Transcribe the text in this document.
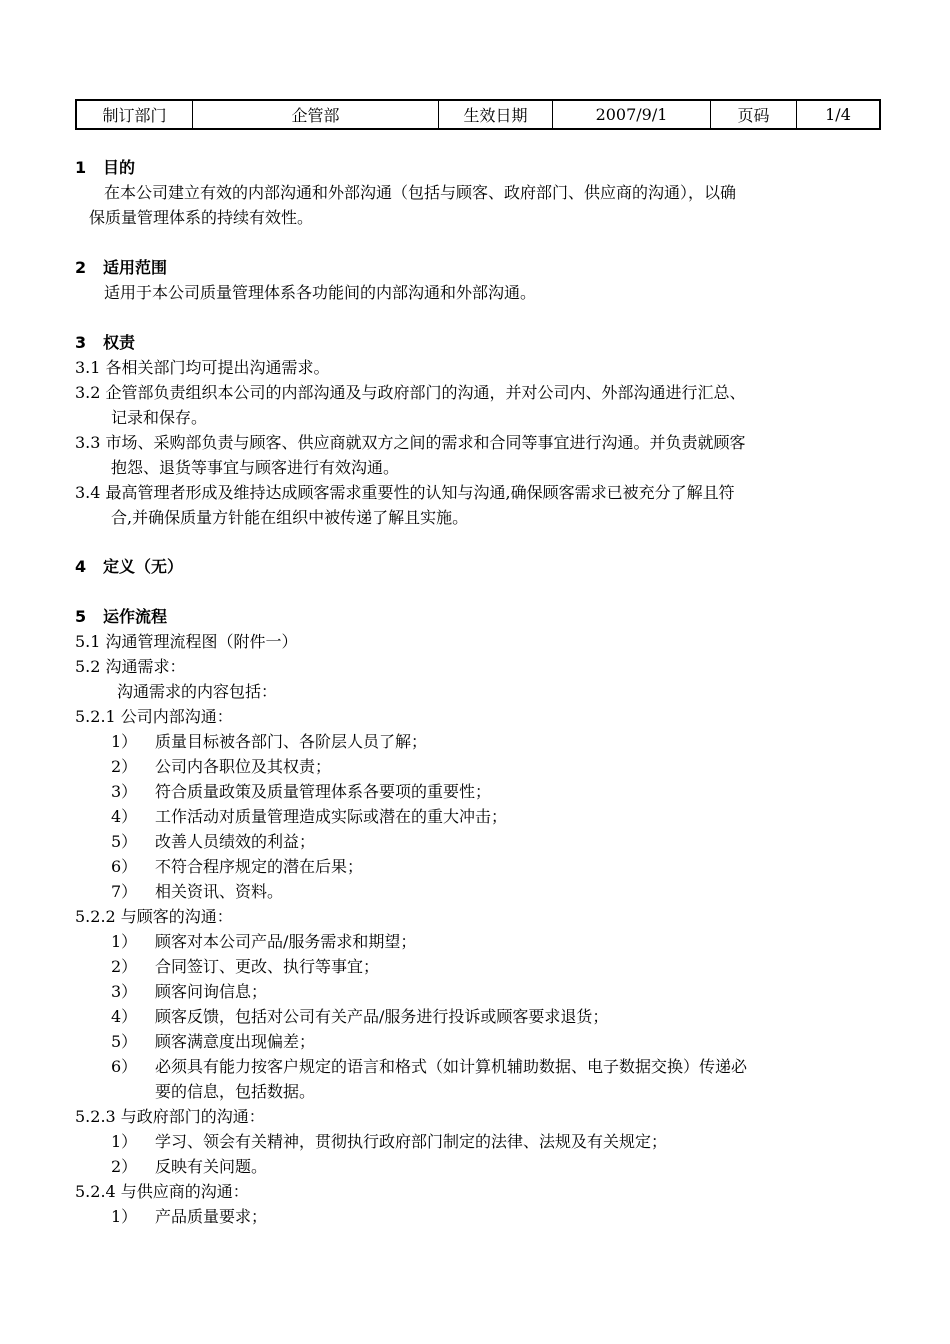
制订部门	企管部	生效日期	2007/9/1	页码	1/4
1 目的
在本公司建立有效的内部沟通和外部沟通（包括与顾客、政府部门、供应商的沟通），以确
保质量管理体系的持续有效性。
2 适用范围
适用于本公司质量管理体系各功能间的内部沟通和外部沟通。
3 权责
3.1 各相关部门均可提出沟通需求。
3.2 企管部负责组织本公司的内部沟通及与政府部门的沟通，并对公司内、外部沟通进行汇总、
记录和保存。
3.3 市场、采购部负责与顾客、供应商就双方之间的需求和合同等事宜进行沟通。并负责就顾客
抱怨、退货等事宜与顾客进行有效沟通。
3.4 最高管理者形成及维持达成顾客需求重要性的认知与沟通,确保顾客需求已被充分了解且符
合,并确保质量方针能在组织中被传递了解且实施。
4 定义（无）
5 运作流程
5.1 沟通管理流程图（附件一）
5.2 沟通需求：
沟通需求的内容包括：
5.2.1 公司内部沟通：
1） 质量目标被各部门、各阶层人员了解；
2） 公司内各职位及其权责；
3） 符合质量政策及质量管理体系各要项的重要性；
4） 工作活动对质量管理造成实际或潜在的重大冲击；
5） 改善人员绩效的利益；
6） 不符合程序规定的潜在后果；
7） 相关资讯、资料。
5.2.2 与顾客的沟通：
1） 顾客对本公司产品/服务需求和期望；
2） 合同签订、更改、执行等事宜；
3） 顾客问询信息；
4） 顾客反馈，包括对公司有关产品/服务进行投诉或顾客要求退货；
5） 顾客满意度出现偏差；
6） 必须具有能力按客户规定的语言和格式（如计算机辅助数据、电子数据交换）传递必
要的信息，包括数据。
5.2.3 与政府部门的沟通：
1） 学习、领会有关精神，贯彻执行政府部门制定的法律、法规及有关规定；
2） 反映有关问题。
5.2.4 与供应商的沟通：
1） 产品质量要求；
